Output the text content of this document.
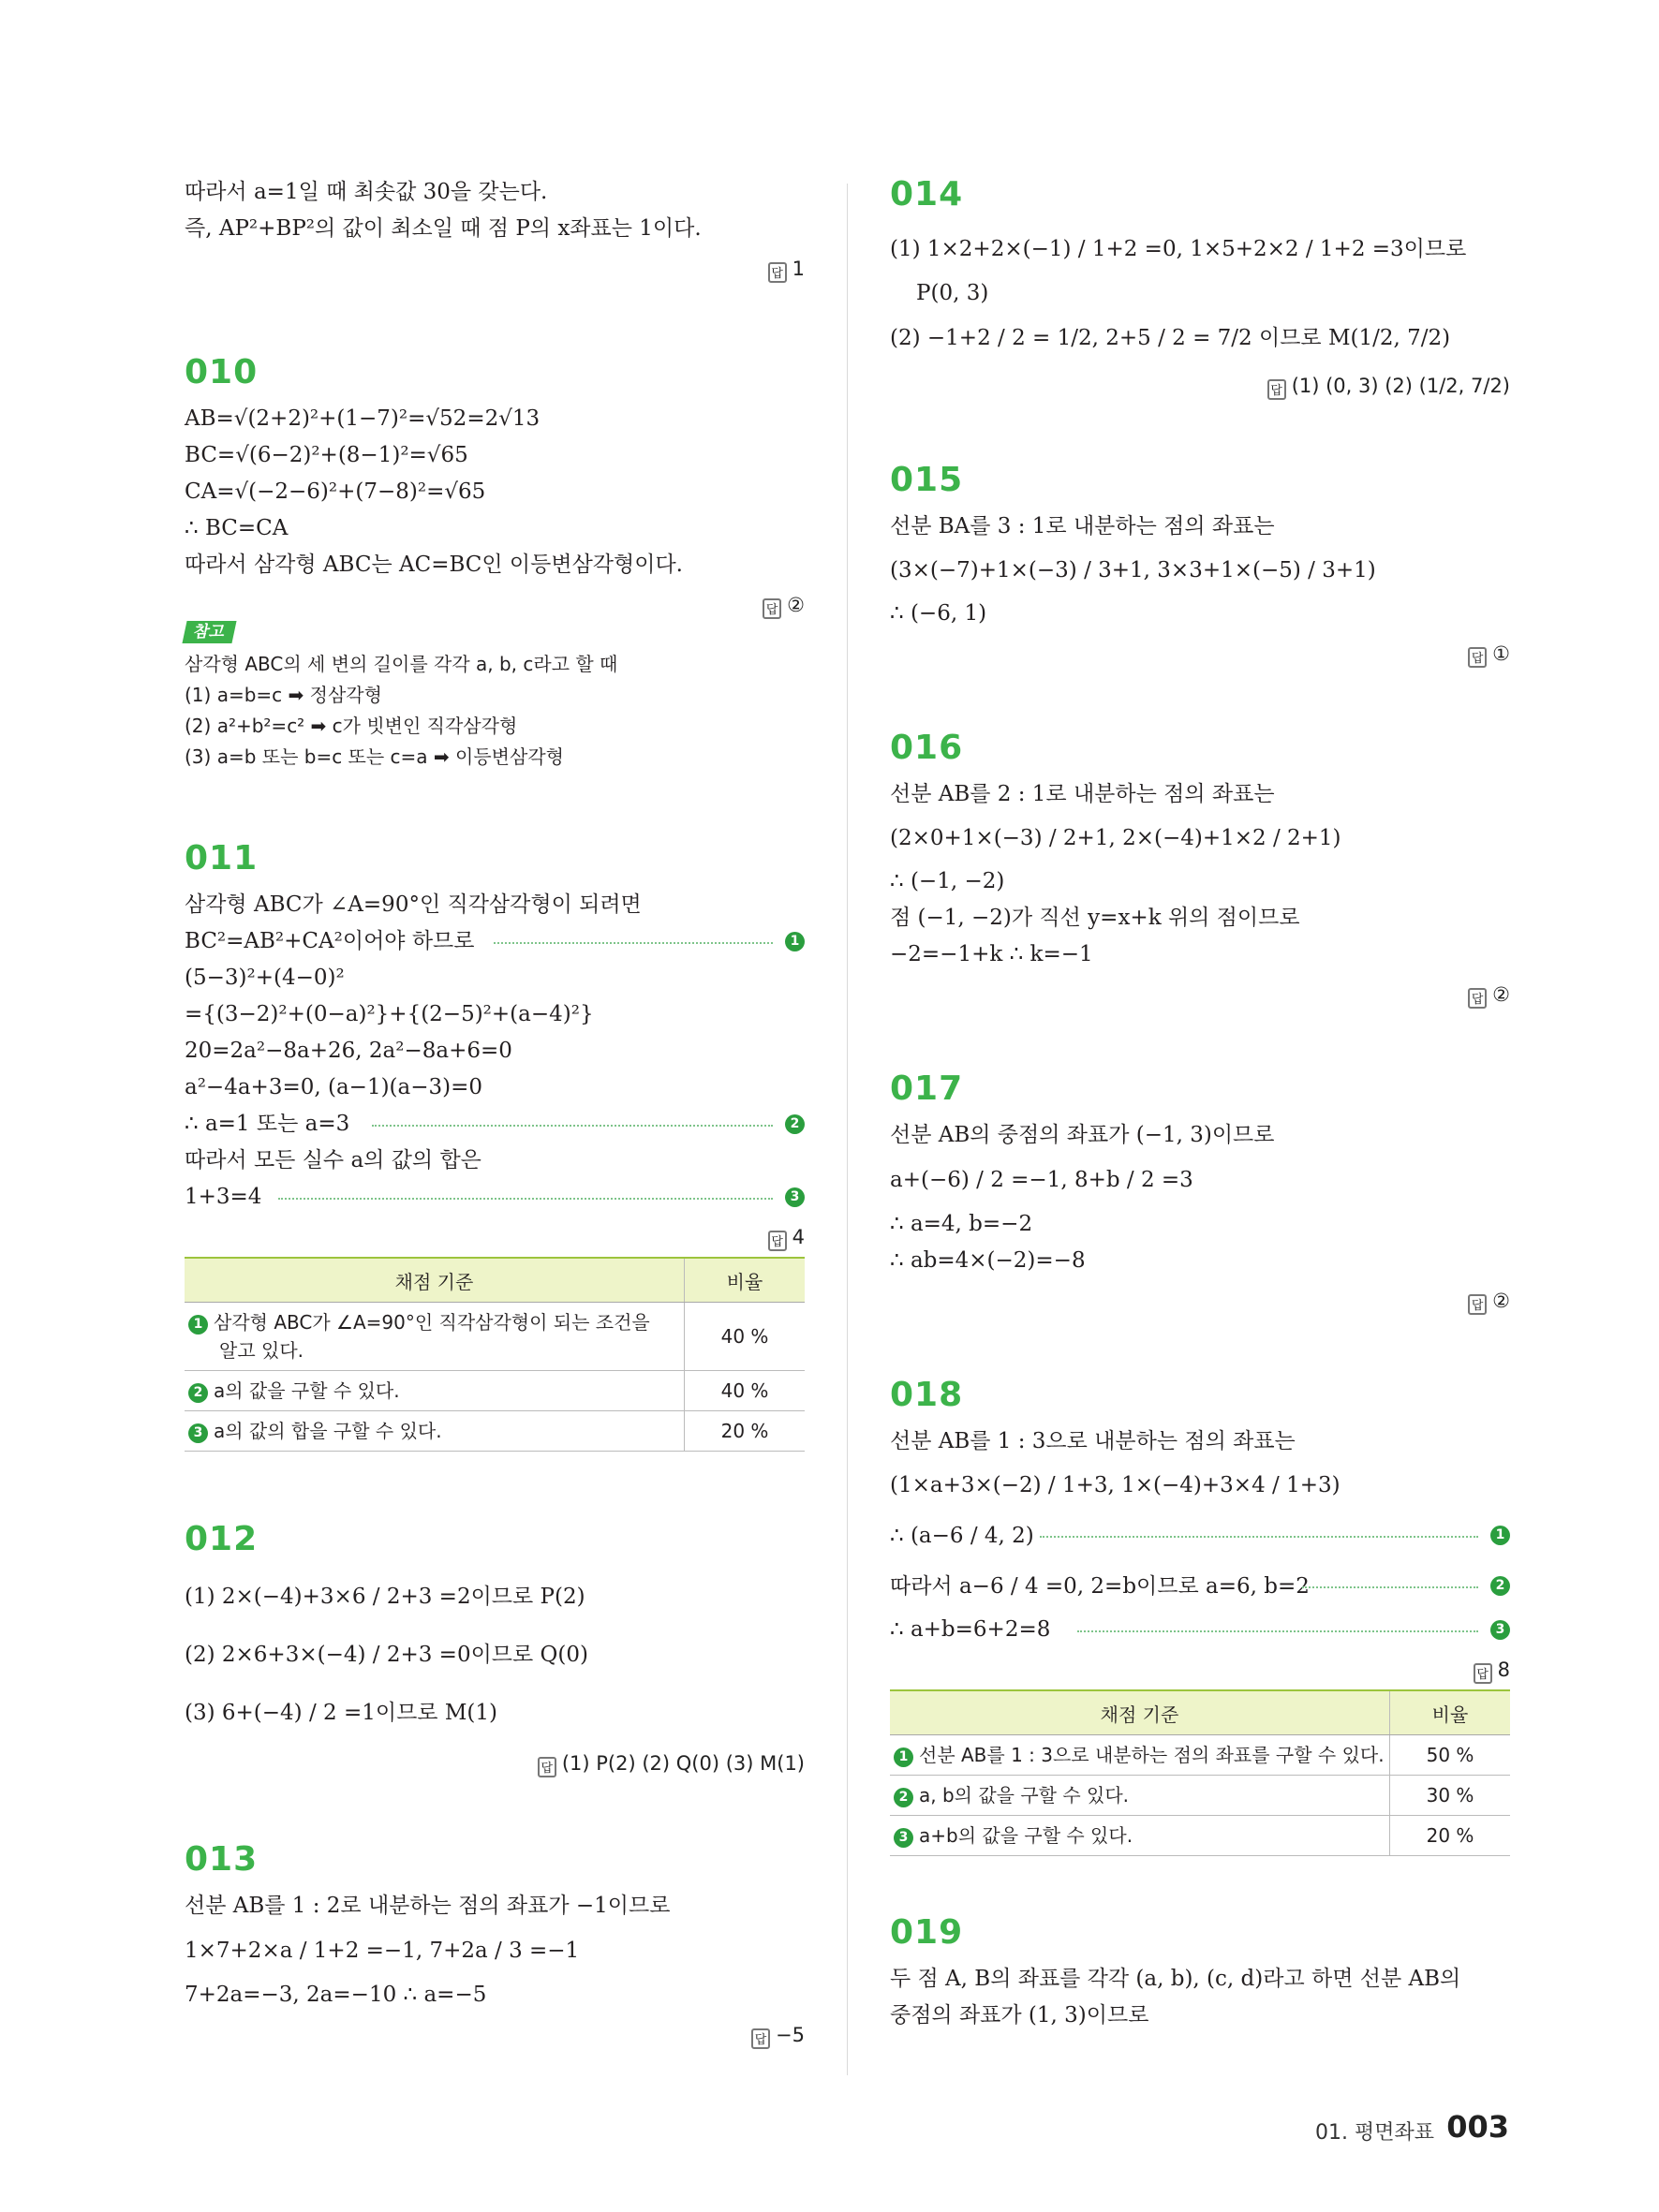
따라서 a=1일 때 최솟값 30을 갖는다.
즉, AP²+BP²의 값이 최소일 때 점 P의 x좌표는 1이다.
답 1
010
AB=√(2+2)²+(1−7)²=√52=2√13
BC=√(6−2)²+(8−1)²=√65
CA=√(−2−6)²+(7−8)²=√65
∴ BC=CA
따라서 삼각형 ABC는 AC=BC인 이등변삼각형이다.
답 ②
참고
삼각형 ABC의 세 변의 길이를 각각 a, b, c라고 할 때
(1) a=b=c ➡ 정삼각형
(2) a²+b²=c² ➡ c가 빗변인 직각삼각형
(3) a=b 또는 b=c 또는 c=a ➡ 이등변삼각형
011
삼각형 ABC가 ∠A=90°인 직각삼각형이 되려면
BC²=AB²+CA²이어야 하므로	1
(5−3)²+(4−0)²
={(3−2)²+(0−a)²}+{(2−5)²+(a−4)²}
20=2a²−8a+26, 2a²−8a+6=0
a²−4a+3=0, (a−1)(a−3)=0
∴ a=1 또는 a=3	2
따라서 모든 실수 a의 값의 합은
1+3=4	3
답 4
채점 기준	비율
1 삼각형 ABC가 ∠A=90°인 직각삼각형이 되는 조건을
알고 있다.	40 %
2 a의 값을 구할 수 있다.	40 %
3 a의 값의 합을 구할 수 있다.	20 %
012
(1) 2×(−4)+3×6 / 2+3 =2이므로 P(2)
(2) 2×6+3×(−4) / 2+3 =0이므로 Q(0)
(3) 6+(−4) / 2 =1이므로 M(1)
답 (1) P(2) (2) Q(0) (3) M(1)
013
선분 AB를 1 : 2로 내분하는 점의 좌표가 −1이므로
1×7+2×a / 1+2 =−1, 7+2a / 3 =−1
7+2a=−3, 2a=−10 ∴ a=−5
답 −5
014
(1) 1×2+2×(−1) / 1+2 =0, 1×5+2×2 / 1+2 =3이므로
P(0, 3)
(2) −1+2 / 2 = 1/2, 2+5 / 2 = 7/2 이므로 M(1/2, 7/2)
답 (1) (0, 3) (2) (1/2, 7/2)
015
선분 BA를 3 : 1로 내분하는 점의 좌표는
(3×(−7)+1×(−3) / 3+1, 3×3+1×(−5) / 3+1)
∴ (−6, 1)
답 ①
016
선분 AB를 2 : 1로 내분하는 점의 좌표는
(2×0+1×(−3) / 2+1, 2×(−4)+1×2 / 2+1)
∴ (−1, −2)
점 (−1, −2)가 직선 y=x+k 위의 점이므로
−2=−1+k ∴ k=−1
답 ②
017
선분 AB의 중점의 좌표가 (−1, 3)이므로
a+(−6) / 2 =−1, 8+b / 2 =3
∴ a=4, b=−2
∴ ab=4×(−2)=−8
답 ②
018
선분 AB를 1 : 3으로 내분하는 점의 좌표는
(1×a+3×(−2) / 1+3, 1×(−4)+3×4 / 1+3)
∴ (a−6 / 4, 2)	1
따라서 a−6 / 4 =0, 2=b이므로 a=6, b=2	2
∴ a+b=6+2=8	3
답 8
채점 기준	비율
1 선분 AB를 1 : 3으로 내분하는 점의 좌표를 구할 수 있다.	50 %
2 a, b의 값을 구할 수 있다.	30 %
3 a+b의 값을 구할 수 있다.	20 %
019
두 점 A, B의 좌표를 각각 (a, b), (c, d)라고 하면 선분 AB의
중점의 좌표가 (1, 3)이므로
01. 평면좌표 003
